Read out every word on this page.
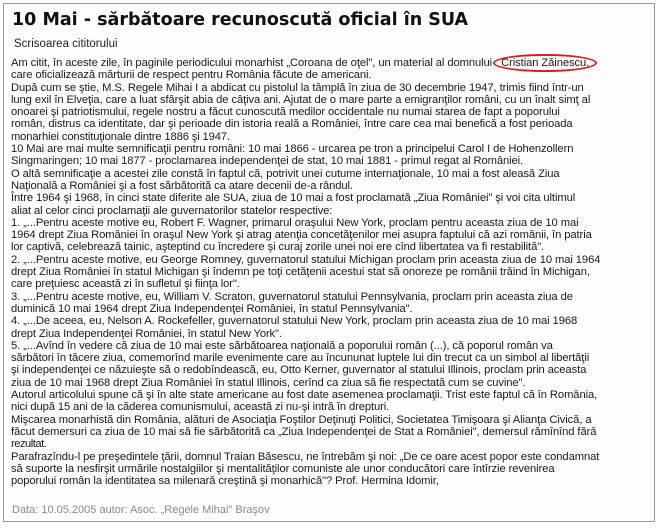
10 Mai - sărbătoare recunoscută oficial în SUA
Scrisoarea cititorului
Am citit, în aceste zile, în paginile periodicului monarhist „Coroana de oţel", un material al domnului Cristian Zăinescu,
care oficializează mărturii de respect pentru România făcute de americani.
După cum se ştie, M.S. Regele Mihai I a abdicat cu pistolul la tâmplă în ziua de 30 decembrie 1947, trimis fiind într-un
lung exil în Elveţia, care a luat sfârşit abia de câţiva ani. Ajutat de o mare parte a emigranţilor români, cu un înalt simţ al
onoarei şi patriotismului, regele nostru a făcut cunoscută medilor occidentale nu numai starea de fapt a poporului
român, distrus ca identitate, dar şi perioade din istoria reală a României, între care cea mai benefică a fost perioada
monarhiei constituţionale dintre 1886 şi 1947.
10 Mai are mai multe semnificaţii pentru români: 10 mai 1866 - urcarea pe tron a principelui Carol I de Hohenzollern
Singmaringen; 10 mai 1877 - proclamarea independenţei de stat, 10 mai 1881 - primul regat al României.
O altă semnificaţie a acestei zile constă în faptul că, potrivit unei cutume internaţionale, 10 mai a fost aleasă Ziua
Naţională a României şi a fost sărbătorită ca atare decenii de-a rândul.
Între 1964 şi 1968, în cinci state diferite ale SUA, ziua de 10 mai a fost proclamată „Ziua României" şi voi cita ultimul
aliat al celor cinci proclamaţii ale guvernatorilor statelor respective:
1. „...Pentru aceste motive eu, Robert F. Wagner, primarul oraşului New York, proclam pentru aceasta ziua de 10 mai
1964 drept Ziua României în oraşul New York şi atrag atenţia concetăţenilor mei asupra faptului că azi românii, în patria
lor captivă, celebrează tainic, aşteptind cu încredere şi curaj zorile unei noi ere cînd libertatea va fi restabilită".
2. „...Pentru aceste motive, eu George Romney, guvernatorul statului Michigan proclam prin aceasta ziua de 10 mai 1964
drept Ziua României în statul Michigan şi îndemn pe toţi cetăţenii acestui stat să onoreze pe românii trăind în Michigan,
care preţuiesc această zi în sufletul şi fiinţa lor".
3. „...Pentru aceste motive, eu, William V. Scraton, guvernatorul statului Pennsylvania, proclam prin aceasta ziua de
duminică 10 mai 1964 drept Ziua Independenţei României, în statul Pennsylvania".
4. „...De aceea, eu, Nelson A. Rockefeller, guvernatorul statului New York, proclam prin aceasta ziua de 10 mai 1968
drept Ziua Independenţei României, în statul New York".
5. „...Avînd în vedere că ziua de 10 mai este sărbătoarea naţională a poporului român (...), că poporul român va
sărbători în tăcere ziua, comemorînd marile evenimente care au încununat luptele lui din trecut ca un simbol al libertăţii
şi independenţei ce năzuieşte să o redobîndească, eu, Otto Kerner, guvernator al statului Illinois, proclam prin aceasta
ziua de 10 mai 1968 drept Ziua României în statul Illinois, cerînd ca ziua să fie respectată cum se cuvine".
Autorul articolului spune că şi în alte state americane au fost date asemenea proclamaţii. Trist este faptul că în România,
nici după 15 ani de la căderea comunismului, această zi nu-şi intră în drepturi.
Mişcarea monarhistă din România, alături de Asociaţia Foştilor Deţinuţi Politici, Societatea Timişoara şi Alianţa Civică, a
făcut demersuri ca ziua de 10 mai să fie sărbătorită ca „Ziua Independenţei de Stat a României", demersul rămînînd fără
rezultat.
Parafrazîndu-l pe preşedintele ţării, domnul Traian Băsescu, ne întrebăm şi noi: „De ce oare acest popor este condamnat
să suporte la nesfirşit urmările nostalgiilor şi mentalităţilor comuniste ale unor conducători care întîrzie revenirea
poporului român la identitatea sa milenară creştină şi monarhică"? Prof. Hermina Idomir,
Data: 10.05.2005 autor: Asoc. „Regele Mihai" Braşov
